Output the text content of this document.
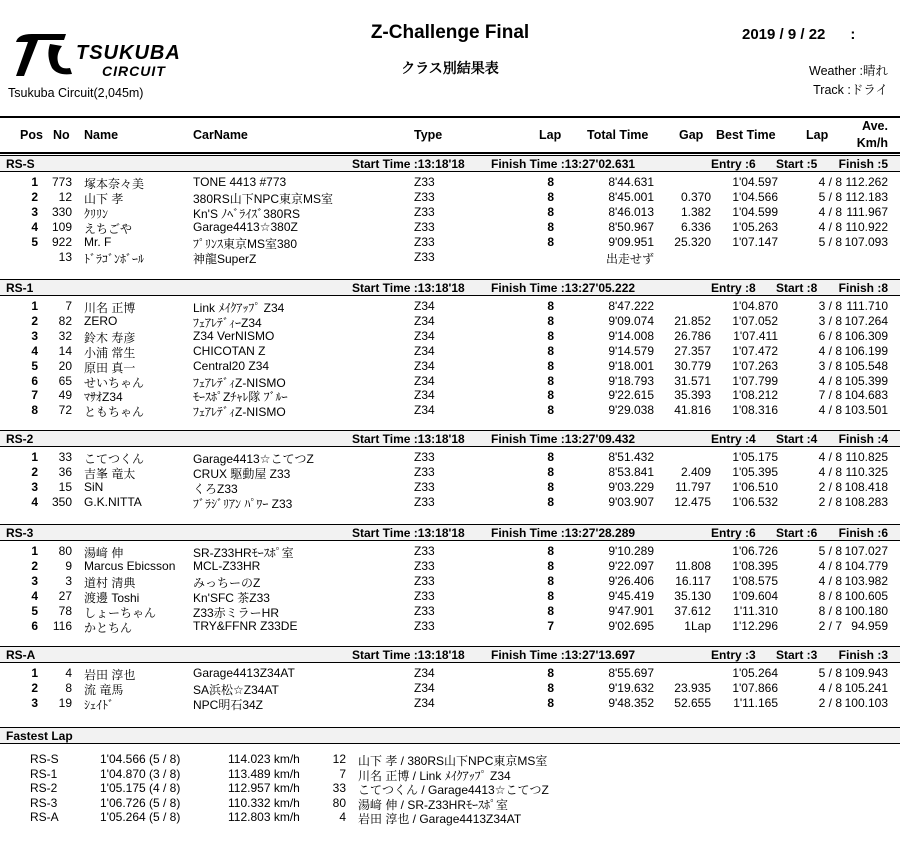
TSUKUBA
CIRCUIT
Z-Challenge Final
クラス別結果表
2019 / 9 / 22      :
Weather :晴れ
Track :ドライ
Tsukuba Circuit(2,045m)
Pos No Name	CarName	Type	Lap Total Time Gap Best Time Lap
Ave.
Km/h
RS-S	Start Time :13:18'18 Finish Time :13:27'02.631	Entry :6 Start :5 Finish :5
1	773 塚本奈々美	TONE 4413 #773	Z33	8	8'44.631	1'04.597	4 / 8 112.262
2	12 山下 孝	380RS山下NPC東京MS室	Z33	8	8'45.001	0.370	1'04.566	5 / 8 112.183
3	330 ｸﾘﾘﾝ	Kn'S ﾉﾍﾞﾗｲｽﾞ380RS	Z33	8	8'46.013	1.382	1'04.599	4 / 8 111.967
4	109 えちごや	Garage4413☆380Z	Z33	8	8'50.967	6.336	1'05.263	4 / 8 110.922
5	922 Mr. F	ﾌﾟﾘﾝｽ東京MS室380	Z33	8	9'09.951	25.320	1'07.147	5 / 8 107.093
13 ﾄﾞﾗｺﾞﾝﾎﾞｰﾙ	神龍SuperZ	Z33	出走せず
RS-1	Start Time :13:18'18 Finish Time :13:27'05.222	Entry :8 Start :8 Finish :8
1	7 川名 正博	Link ﾒｲｸｱｯﾌﾟ Z34	Z34	8	8'47.222	1'04.870	3 / 8 111.710
2	82 ZERO	ﾌｪｱﾚﾃﾞｨｰZ34	Z34	8	9'09.074	21.852	1'07.052	3 / 8 107.264
3	32 鈴木 寿彦	Z34 VerNISMO	Z34	8	9'14.008	26.786	1'07.411	6 / 8 106.309
4	14 小浦 常生	CHICOTAN Z	Z34	8	9'14.579	27.357	1'07.472	4 / 8 106.199
5	20 原田 真一	Central20 Z34	Z34	8	9'18.001	30.779	1'07.263	3 / 8 105.548
6	65 せいちゃん	ﾌｪｱﾚﾃﾞｨZ-NISMO	Z34	8	9'18.793	31.571	1'07.799	4 / 8 105.399
7	49 ﾏｻｵZ34	ﾓｰｽﾎﾟZﾁｬﾚ隊 ﾌﾞﾙｰ	Z34	8	9'22.615	35.393	1'08.212	7 / 8 104.683
8	72 ともちゃん	ﾌｪｱﾚﾃﾞｨZ-NISMO	Z34	8	9'29.038	41.816	1'08.316	4 / 8 103.501
RS-2	Start Time :13:18'18 Finish Time :13:27'09.432	Entry :4 Start :4 Finish :4
1	33 こてつくん	Garage4413☆こてつZ	Z33	8	8'51.432	1'05.175	4 / 8 110.825
2	36 吉峯 竜太	CRUX 駆動屋 Z33	Z33	8	8'53.841	2.409	1'05.395	4 / 8 110.325
3	15 SiN	くろZ33	Z33	8	9'03.229	11.797	1'06.510	2 / 8 108.418
4	350 G.K.NITTA	ﾌﾞﾗｼﾞﾘｱﾝ ﾊﾟﾜｰ Z33	Z33	8	9'03.907	12.475	1'06.532	2 / 8 108.283
RS-3	Start Time :13:18'18 Finish Time :13:27'28.289	Entry :6 Start :6 Finish :6
1	80 湯﨑 伸	SR-Z33HRﾓｰｽﾎﾟ室	Z33	8	9'10.289	1'06.726	5 / 8 107.027
2	9 Marcus Ebicsson	MCL-Z33HR	Z33	8	9'22.097	11.808	1'08.395	4 / 8 104.779
3	3 道村 清典	みっちーのZ	Z33	8	9'26.406	16.117	1'08.575	4 / 8 103.982
4	27 渡邊 Toshi	Kn'SFC 茶Z33	Z33	8	9'45.419	35.130	1'09.604	8 / 8 100.605
5	78 しょーちゃん	Z33赤ミラーHR	Z33	8	9'47.901	37.612	1'11.310	8 / 8 100.180
6	116 かとちん	TRY&FFNR Z33DE	Z33	7	9'02.695	1Lap	1'12.296	2 / 7 94.959
RS-A	Start Time :13:18'18 Finish Time :13:27'13.697	Entry :3 Start :3 Finish :3
1	4 岩田 淳也	Garage4413Z34AT	Z34	8	8'55.697	1'05.264	5 / 8 109.943
2	8 流 竜馬	SA浜松☆Z34AT	Z34	8	9'19.632	23.935	1'07.866	4 / 8 105.241
3	19 ｼｪｲﾄﾞ	NPC明石34Z	Z34	8	9'48.352	52.655	1'11.165	2 / 8 100.103
Fastest Lap
RS-S	1'04.566 (5 / 8)	114.023 km/h	12 山下 孝 / 380RS山下NPC東京MS室
RS-1	1'04.870 (3 / 8)	113.489 km/h	7 川名 正博 / Link ﾒｲｸｱｯﾌﾟ Z34
RS-2	1'05.175 (4 / 8)	112.957 km/h	33 こてつくん / Garage4413☆こてつZ
RS-3	1'06.726 (5 / 8)	110.332 km/h	80 湯﨑 伸 / SR-Z33HRﾓｰｽﾎﾟ室
RS-A	1'05.264 (5 / 8)	112.803 km/h	4 岩田 淳也 / Garage4413Z34AT
